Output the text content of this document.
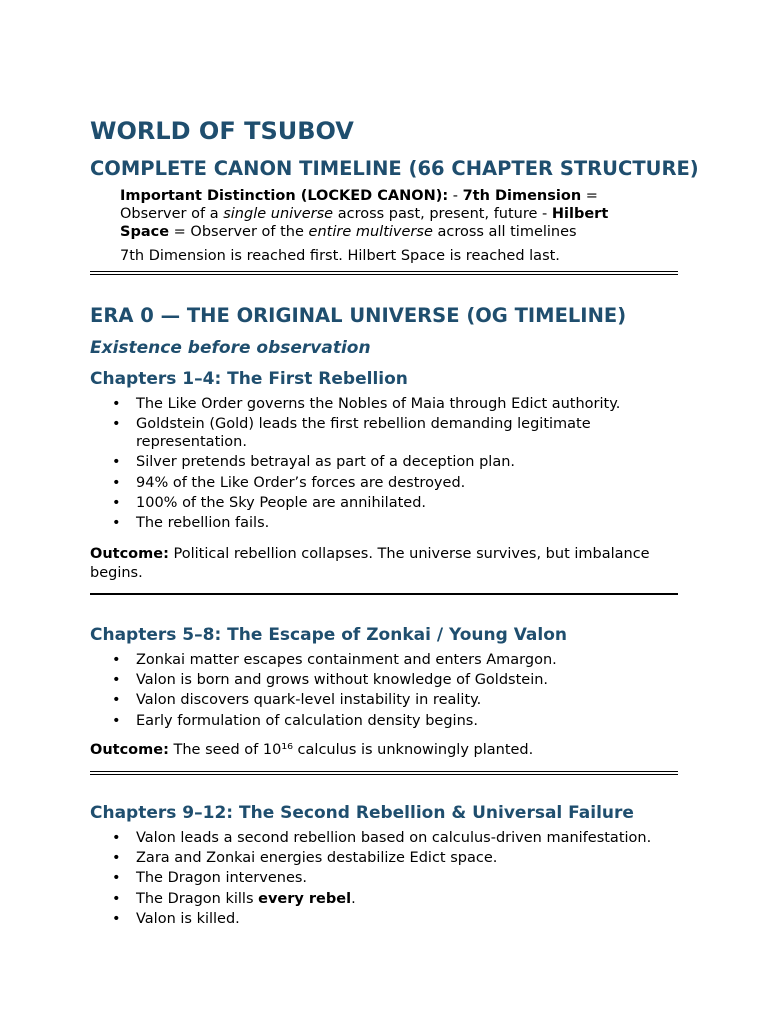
WORLD OF TSUBOV
COMPLETE CANON TIMELINE (66 CHAPTER STRUCTURE)

Important Distinction (LOCKED CANON): - 7th Dimension = Observer of a single universe across past, present, future - Hilbert Space = Observer of the entire multiverse across all timelines

7th Dimension is reached first. Hilbert Space is reached last.

ERA 0 — THE ORIGINAL UNIVERSE (OG TIMELINE)
Existence before observation
Chapters 1–4: The First Rebellion
• The Like Order governs the Nobles of Maia through Edict authority.
• Goldstein (Gold) leads the first rebellion demanding legitimate representation.
• Silver pretends betrayal as part of a deception plan.
• 94% of the Like Order’s forces are destroyed.
• 100% of the Sky People are annihilated.
• The rebellion fails.

Outcome: Political rebellion collapses. The universe survives, but imbalance begins.

Chapters 5–8: The Escape of Zonkai / Young Valon
• Zonkai matter escapes containment and enters Amargon.
• Valon is born and grows without knowledge of Goldstein.
• Valon discovers quark-level instability in reality.
• Early formulation of calculation density begins.

Outcome: The seed of 10¹⁶ calculus is unknowingly planted.

Chapters 9–12: The Second Rebellion & Universal Failure
• Valon leads a second rebellion based on calculus-driven manifestation.
• Zara and Zonkai energies destabilize Edict space.
• The Dragon intervenes.
• The Dragon kills every rebel.
• Valon is killed.
